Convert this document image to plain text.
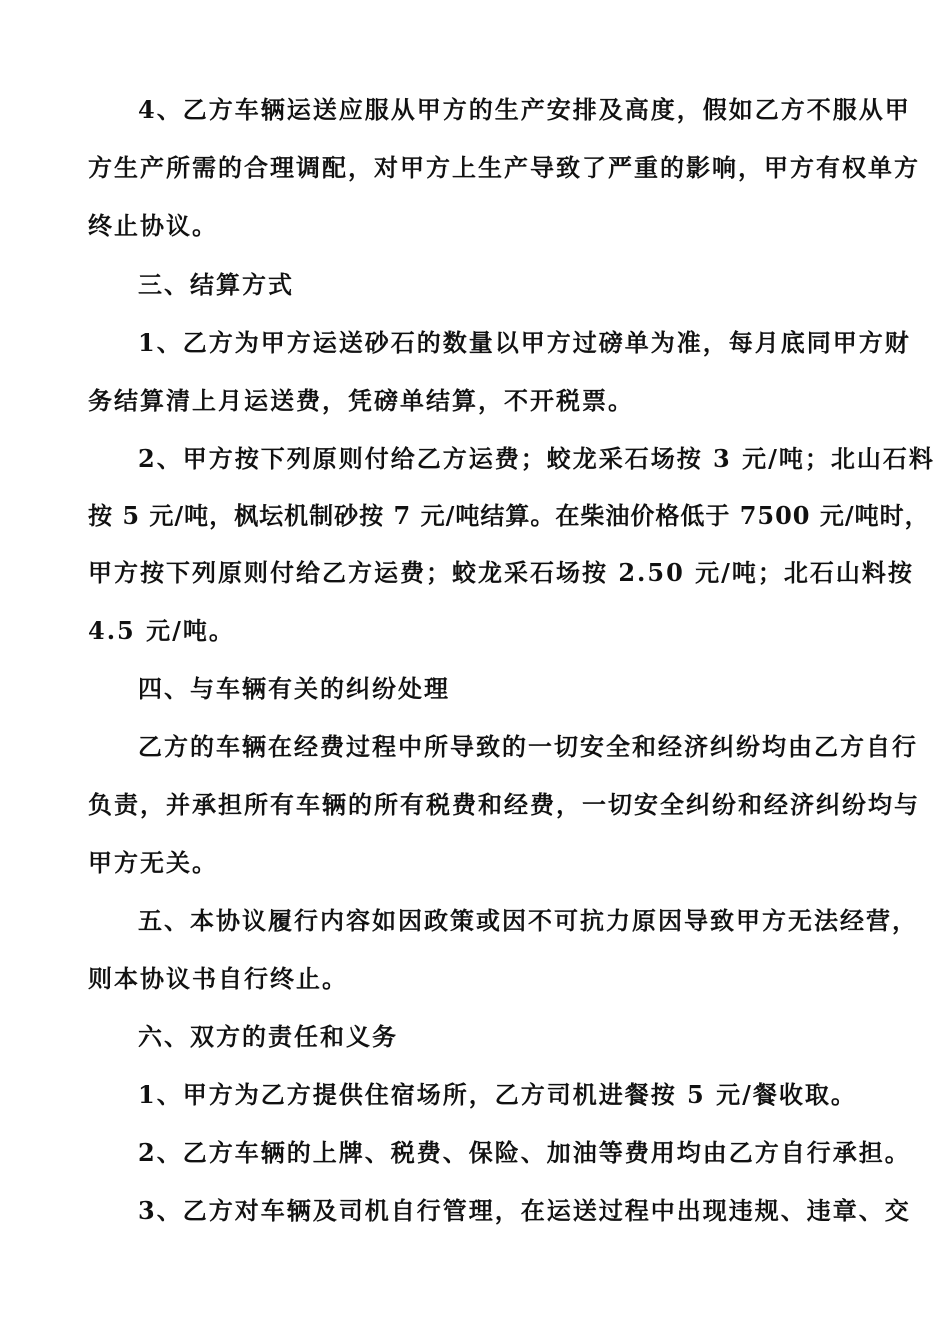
4、乙方车辆运送应服从甲方的生产安排及高度，假如乙方不服从甲
方生产所需的合理调配，对甲方上生产导致了严重的影响，甲方有权单方
终止协议。
三、结算方式
1、乙方为甲方运送砂石的数量以甲方过磅单为准，每月底同甲方财
务结算清上月运送费，凭磅单结算，不开税票。
2、甲方按下列原则付给乙方运费；蛟龙采石场按 3 元/吨；北山石料
按 5 元/吨，枫坛机制砂按 7 元/吨结算。在柴油价格低于 7500 元/吨时，
甲方按下列原则付给乙方运费；蛟龙采石场按 2.50 元/吨；北石山料按
4.5 元/吨。
四、与车辆有关的纠纷处理
乙方的车辆在经费过程中所导致的一切安全和经济纠纷均由乙方自行
负责，并承担所有车辆的所有税费和经费，一切安全纠纷和经济纠纷均与
甲方无关。
五、本协议履行内容如因政策或因不可抗力原因导致甲方无法经营，
则本协议书自行终止。
六、双方的责任和义务
1、甲方为乙方提供住宿场所，乙方司机进餐按 5 元/餐收取。
2、乙方车辆的上牌、税费、保险、加油等费用均由乙方自行承担。
3、乙方对车辆及司机自行管理，在运送过程中出现违规、违章、交
